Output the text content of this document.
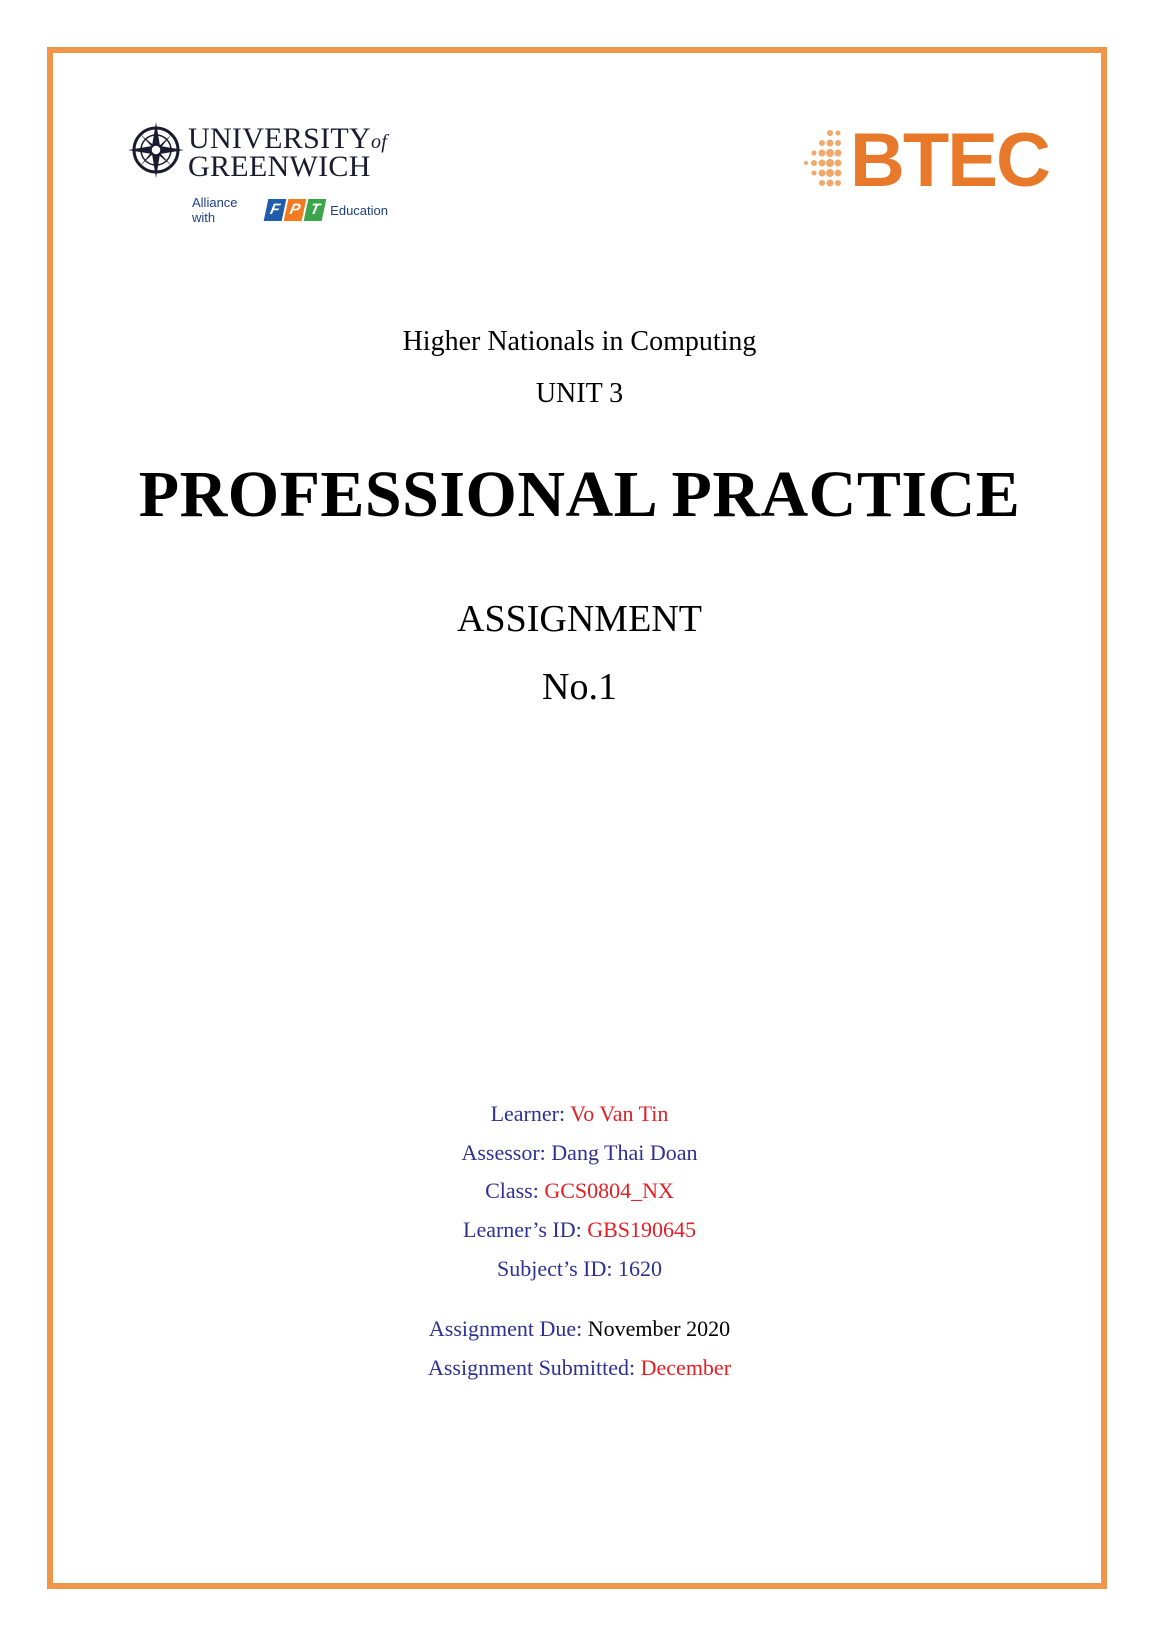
UNIVERSITYof
GREENWICH
Alliance with	F P T Education
BTEC
Higher Nationals in Computing
UNIT 3
PROFESSIONAL PRACTICE
ASSIGNMENT
No.1
Learner: Vo Van Tin
Assessor: Dang Thai Doan
Class: GCS0804_NX
Learner’s ID: GBS190645
Subject’s ID: 1620
Assignment Due: November 2020
Assignment Submitted: December
